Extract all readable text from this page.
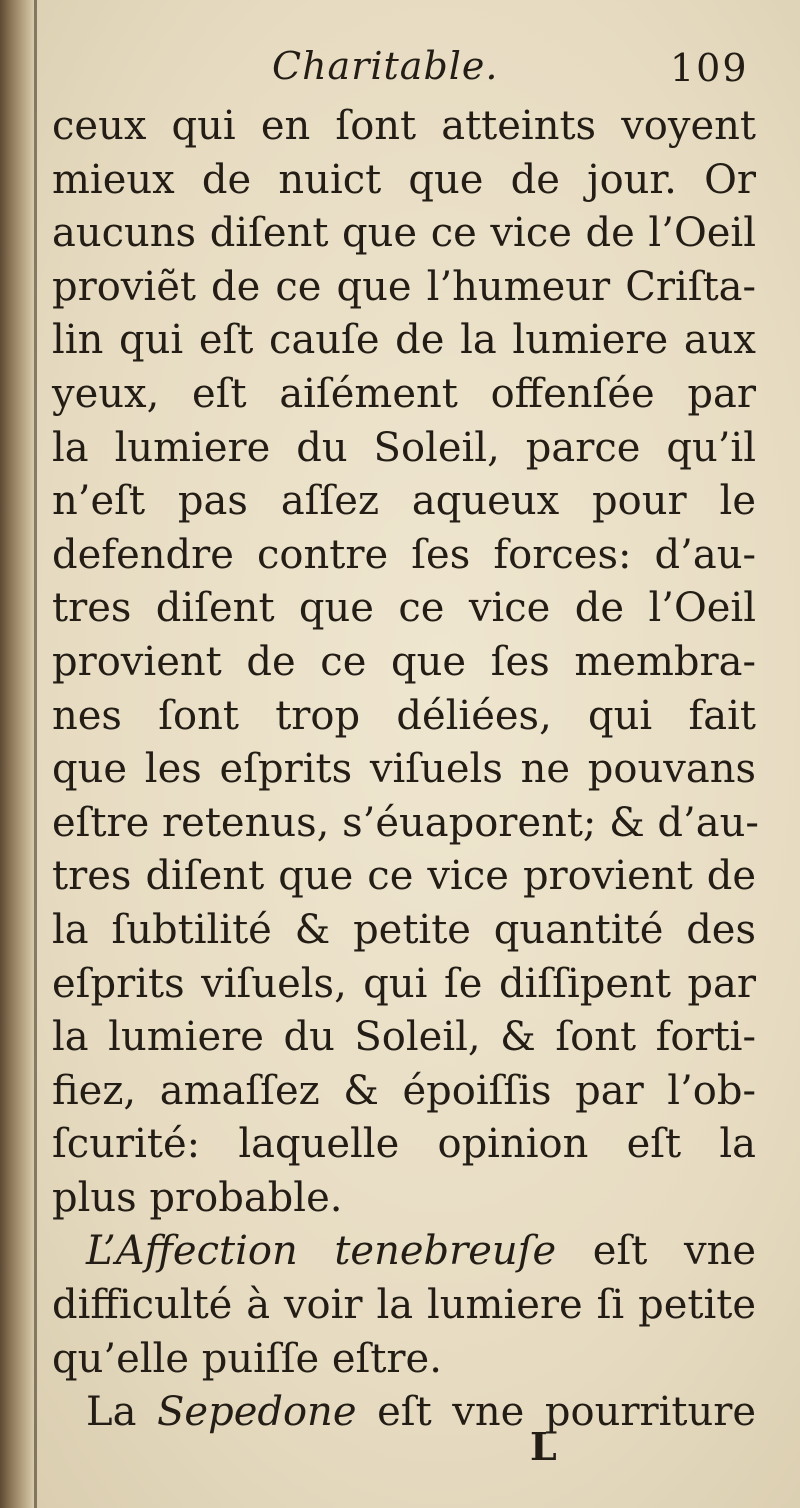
Charitable.	109
ceux qui en ſont atteints voyent
mieux de nuict que de jour. Or
aucuns diſent que ce vice de l’Oeil
proviẽt de ce que l’humeur Criſta-
lin qui eſt cauſe de la lumiere aux
yeux, eſt aiſément offenſée par
la lumiere du Soleil, parce qu’il
n’eſt pas aſſez aqueux pour le
defendre contre ſes forces: d’au-
tres diſent que ce vice de l’Oeil
provient de ce que ſes membra-
nes ſont trop déliées, qui fait
que les eſprits viſuels ne pouvans
eſtre retenus, s’éuaporent; & d’au-
tres diſent que ce vice provient de
la ſubtilité & petite quantité des
eſprits viſuels, qui ſe diſſipent par
la lumiere du Soleil, & ſont forti-
fiez, amaſſez & époiſſis par l’ob-
ſcurité: laquelle opinion eſt la
plus probable.
L’Affection tenebreuſe eſt vne
difficulté à voir la lumiere ſi petite
qu’elle puiſſe eſtre.
La Sepedone eſt vne pourriture
L
